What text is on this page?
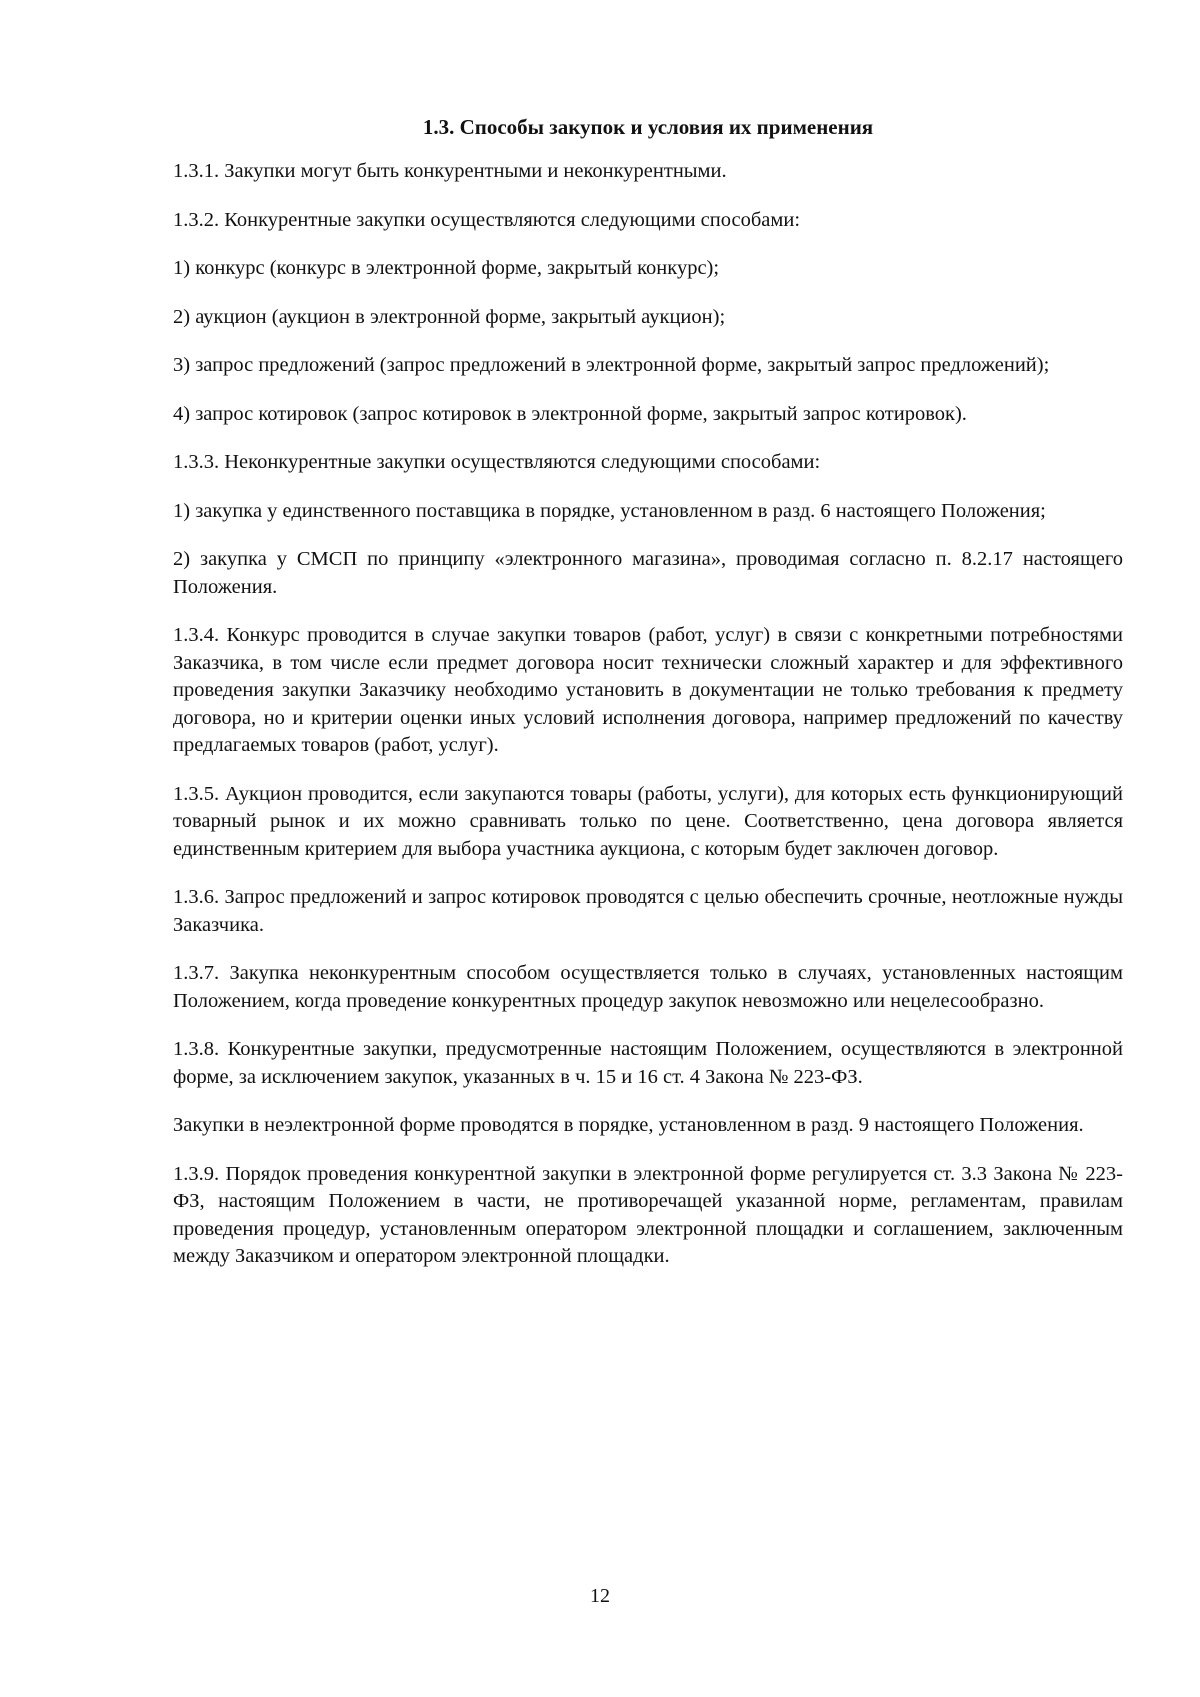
1.3. Способы закупок и условия их применения

1.3.1. Закупки могут быть конкурентными и неконкурентными.

1.3.2. Конкурентные закупки осуществляются следующими способами:

1) конкурс (конкурс в электронной форме, закрытый конкурс);

2) аукцион (аукцион в электронной форме, закрытый аукцион);

3) запрос предложений (запрос предложений в электронной форме, закрытый запрос предложений);

4) запрос котировок (запрос котировок в электронной форме, закрытый запрос котировок).

1.3.3. Неконкурентные закупки осуществляются следующими способами:

1) закупка у единственного поставщика в порядке, установленном в разд. 6 настоящего Положения;

2) закупка у СМСП по принципу «электронного магазина», проводимая согласно п. 8.2.17 настоящего Положения.

1.3.4. Конкурс проводится в случае закупки товаров (работ, услуг) в связи с конкретными потребностями Заказчика, в том числе если предмет договора носит технически сложный характер и для эффективного проведения закупки Заказчику необходимо установить в документации не только требования к предмету договора, но и критерии оценки иных условий исполнения договора, например предложений по качеству предлагаемых товаров (работ, услуг).

1.3.5. Аукцион проводится, если закупаются товары (работы, услуги), для которых есть функционирующий товарный рынок и их можно сравнивать только по цене. Соответственно, цена договора является единственным критерием для выбора участника аукциона, с которым будет заключен договор.

1.3.6. Запрос предложений и запрос котировок проводятся с целью обеспечить срочные, неотложные нужды Заказчика.

1.3.7. Закупка неконкурентным способом осуществляется только в случаях, установленных настоящим Положением, когда проведение конкурентных процедур закупок невозможно или нецелесообразно.

1.3.8. Конкурентные закупки, предусмотренные настоящим Положением, осуществляются в электронной форме, за исключением закупок, указанных в ч. 15 и 16 ст. 4 Закона № 223-ФЗ.

Закупки в неэлектронной форме проводятся в порядке, установленном в разд. 9 настоящего Положения.

1.3.9. Порядок проведения конкурентной закупки в электронной форме регулируется ст. 3.3 Закона № 223-ФЗ, настоящим Положением в части, не противоречащей указанной норме, регламентам, правилам проведения процедур, установленным оператором электронной площадки и соглашением, заключенным между Заказчиком и оператором электронной площадки.

12
